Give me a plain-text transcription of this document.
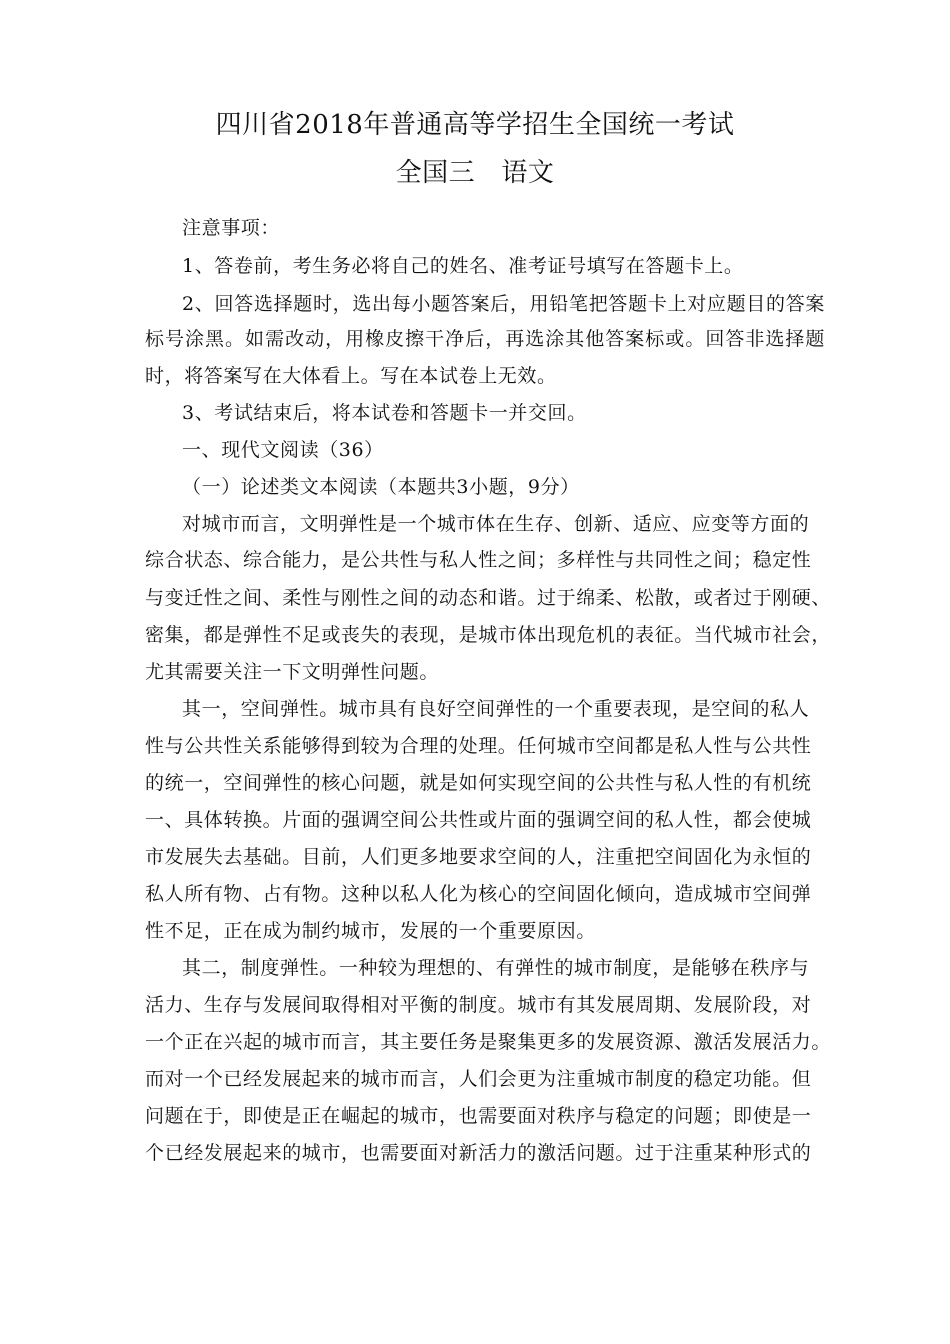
四川省2018年普通高等学招生全国统一考试
全国三   语文
注意事项：
1、答卷前，考生务必将自己的姓名、准考证号填写在答题卡上。
2、回答选择题时，选出每小题答案后，用铅笔把答题卡上对应题目的答案
标号涂黑。如需改动，用橡皮擦干净后，再选涂其他答案标或。回答非选择题
时，将答案写在大体看上。写在本试卷上无效。
3、考试结束后，将本试卷和答题卡一并交回。
一、现代文阅读（36）
（一）论述类文本阅读（本题共3小题，9分）
对城市而言，文明弹性是一个城市体在生存、创新、适应、应变等方面的
综合状态、综合能力，是公共性与私人性之间；多样性与共同性之间；稳定性
与变迁性之间、柔性与刚性之间的动态和谐。过于绵柔、松散，或者过于刚硬、
密集，都是弹性不足或丧失的表现，是城市体出现危机的表征。当代城市社会，
尤其需要关注一下文明弹性问题。
其一，空间弹性。城市具有良好空间弹性的一个重要表现，是空间的私人
性与公共性关系能够得到较为合理的处理。任何城市空间都是私人性与公共性
的统一，空间弹性的核心问题，就是如何实现空间的公共性与私人性的有机统
一、具体转换。片面的强调空间公共性或片面的强调空间的私人性，都会使城
市发展失去基础。目前，人们更多地要求空间的人，注重把空间固化为永恒的
私人所有物、占有物。这种以私人化为核心的空间固化倾向，造成城市空间弹
性不足，正在成为制约城市，发展的一个重要原因。
其二，制度弹性。一种较为理想的、有弹性的城市制度，是能够在秩序与
活力、生存与发展间取得相对平衡的制度。城市有其发展周期、发展阶段，对
一个正在兴起的城市而言，其主要任务是聚集更多的发展资源、激活发展活力。
而对一个已经发展起来的城市而言，人们会更为注重城市制度的稳定功能。但
问题在于，即使是正在崛起的城市，也需要面对秩序与稳定的问题；即使是一
个已经发展起来的城市，也需要面对新活力的激活问题。过于注重某种形式的
